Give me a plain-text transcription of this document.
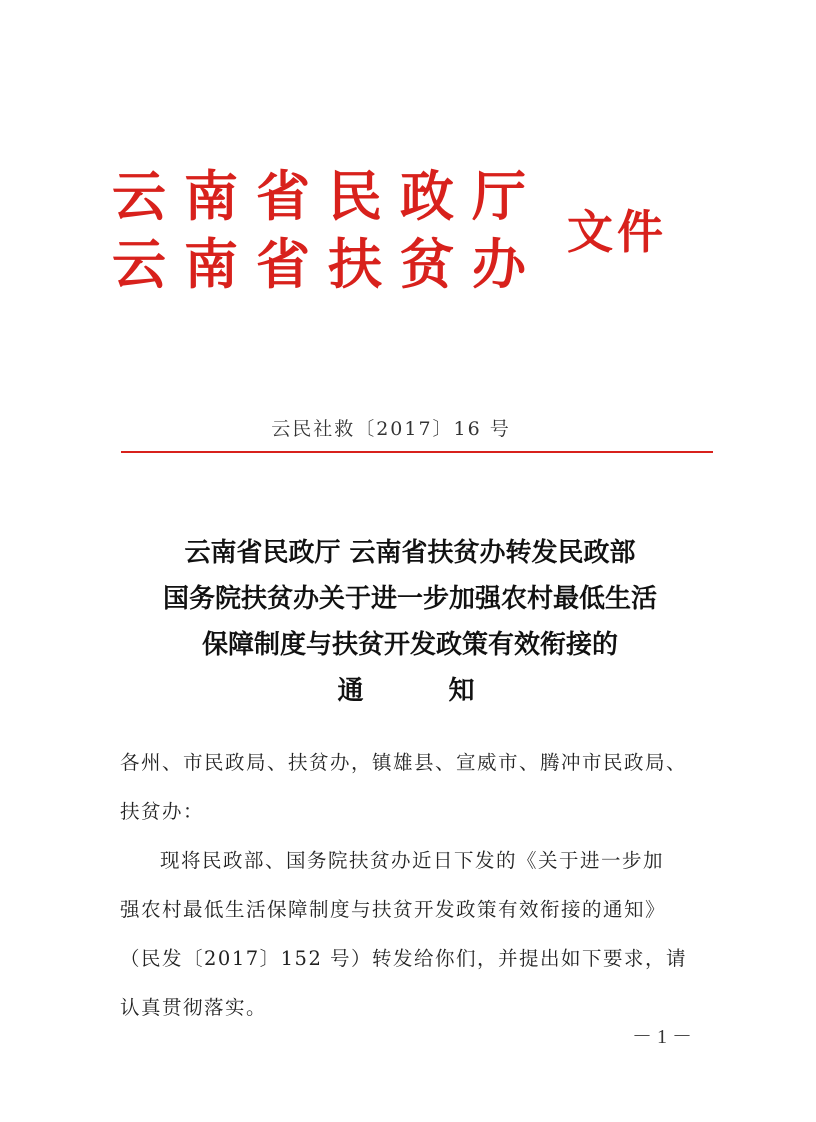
云南省民政厅

云南省扶贫办 文件

云民社救〔2017〕16 号

云南省民政厅 云南省扶贫办转发民政部

国务院扶贫办关于进一步加强农村最低生活

保障制度与扶贫开发政策有效衔接的

通 知

各州、市民政局、扶贫办，镇雄县、宣威市、腾冲市民政局、

扶贫办：

现将民政部、国务院扶贫办近日下发的《关于进一步加

强农村最低生活保障制度与扶贫开发政策有效衔接的通知》

（民发〔2017〕152 号）转发给你们，并提出如下要求，请

认真贯彻落实。

－ 1 －
